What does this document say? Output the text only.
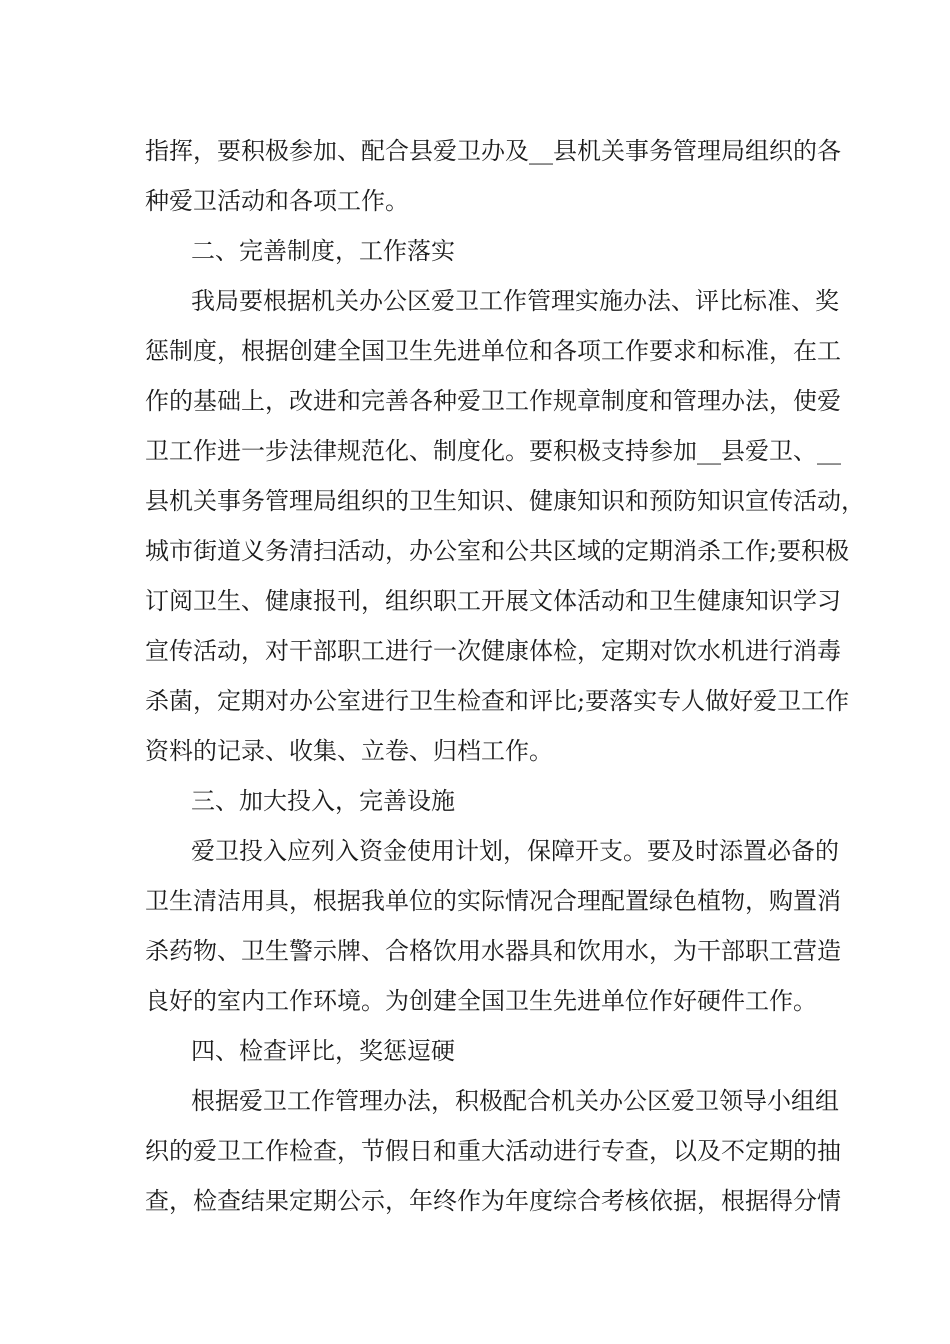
指挥，要积极参加、配合县爱卫办及__县机关事务管理局组织的各
种爱卫活动和各项工作。
二、完善制度，工作落实
我局要根据机关办公区爱卫工作管理实施办法、评比标准、奖
惩制度，根据创建全国卫生先进单位和各项工作要求和标准，在工
作的基础上，改进和完善各种爱卫工作规章制度和管理办法，使爱
卫工作进一步法律规范化、制度化。要积极支持参加__县爱卫、__
县机关事务管理局组织的卫生知识、健康知识和预防知识宣传活动，
城市街道义务清扫活动，办公室和公共区域的定期消杀工作;要积极
订阅卫生、健康报刊，组织职工开展文体活动和卫生健康知识学习
宣传活动，对干部职工进行一次健康体检，定期对饮水机进行消毒
杀菌，定期对办公室进行卫生检查和评比;要落实专人做好爱卫工作
资料的记录、收集、立卷、归档工作。
三、加大投入，完善设施
爱卫投入应列入资金使用计划，保障开支。要及时添置必备的
卫生清洁用具，根据我单位的实际情况合理配置绿色植物，购置消
杀药物、卫生警示牌、合格饮用水器具和饮用水，为干部职工营造
良好的室内工作环境。为创建全国卫生先进单位作好硬件工作。
四、检查评比，奖惩逗硬
根据爱卫工作管理办法，积极配合机关办公区爱卫领导小组组
织的爱卫工作检查，节假日和重大活动进行专查，以及不定期的抽
查，检查结果定期公示，年终作为年度综合考核依据，根据得分情
